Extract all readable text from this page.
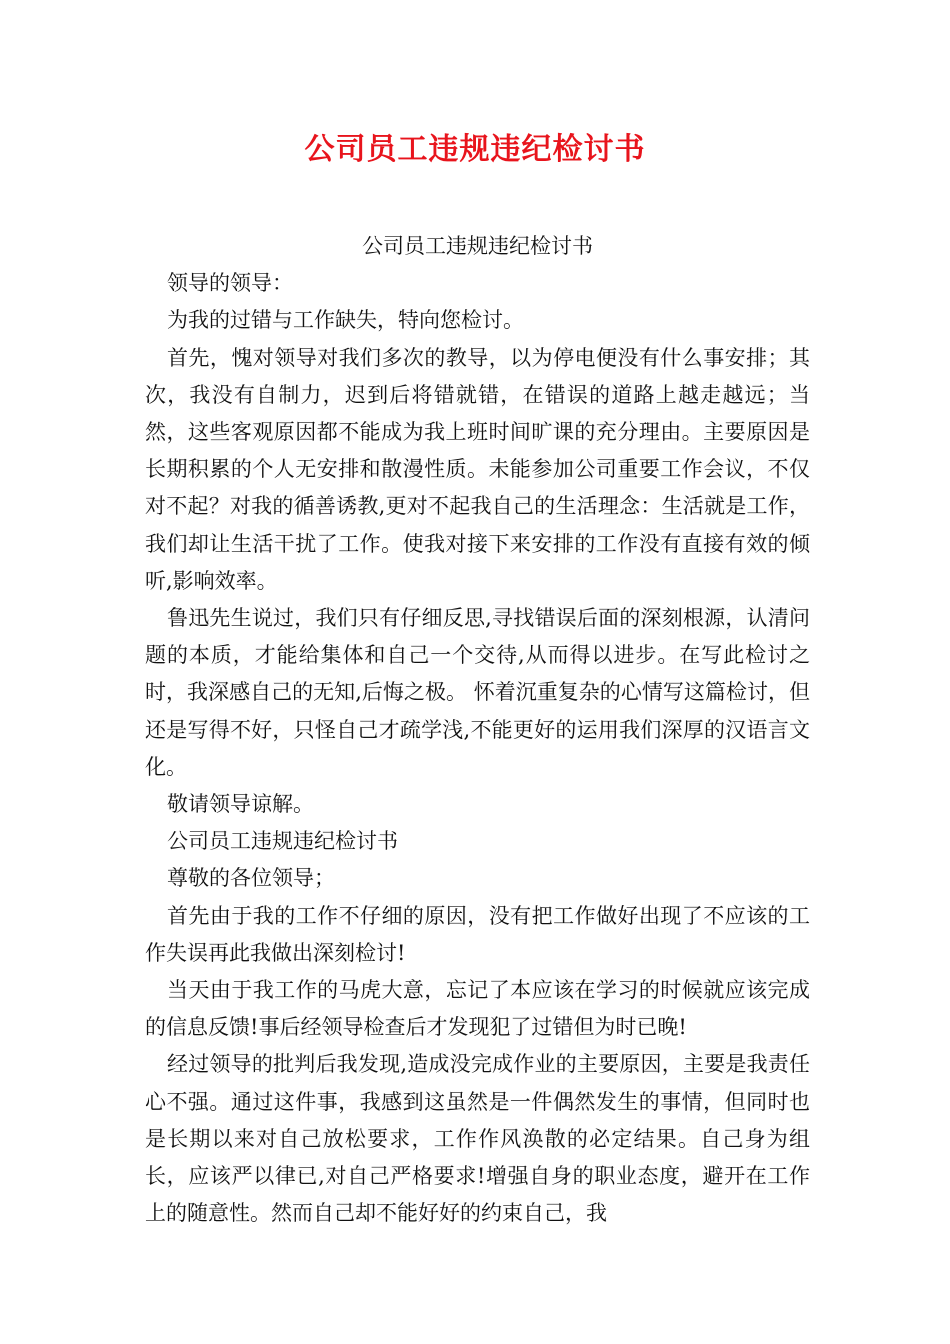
公司员工违规违纪检讨书

公司员工违规违纪检讨书

领导的领导：

为我的过错与工作缺失，特向您检讨。

首先，愧对领导对我们多次的教导，以为停电便没有什么事安排；其次，我没有自制力，迟到后将错就错，在错误的道路上越走越远；当然，这些客观原因都不能成为我上班时间旷课的充分理由。主要原因是长期积累的个人无安排和散漫性质。未能参加公司重要工作会议，不仅对不起？对我的循善诱教,更对不起我自己的生活理念：生活就是工作，我们却让生活干扰了工作。使我对接下来安排的工作没有直接有效的倾听,影响效率。

鲁迅先生说过，我们只有仔细反思,寻找错误后面的深刻根源，认清问题的本质，才能给集体和自己一个交待,从而得以进步。在写此检讨之时，我深感自己的无知,后悔之极。 怀着沉重复杂的心情写这篇检讨，但还是写得不好，只怪自己才疏学浅,不能更好的运用我们深厚的汉语言文化。

敬请领导谅解。

公司员工违规违纪检讨书

尊敬的各位领导；

首先由于我的工作不仔细的原因，没有把工作做好出现了不应该的工作失误再此我做出深刻检讨!

当天由于我工作的马虎大意，忘记了本应该在学习的时候就应该完成的信息反馈!事后经领导检查后才发现犯了过错但为时已晚!

经过领导的批判后我发现,造成没完成作业的主要原因，主要是我责任心不强。通过这件事，我感到这虽然是一件偶然发生的事情，但同时也是长期以来对自己放松要求，工作作风涣散的必定结果。自己身为组长，应该严以律已,对自己严格要求!增强自身的职业态度，避开在工作上的随意性。然而自己却不能好好的约束自己，我
